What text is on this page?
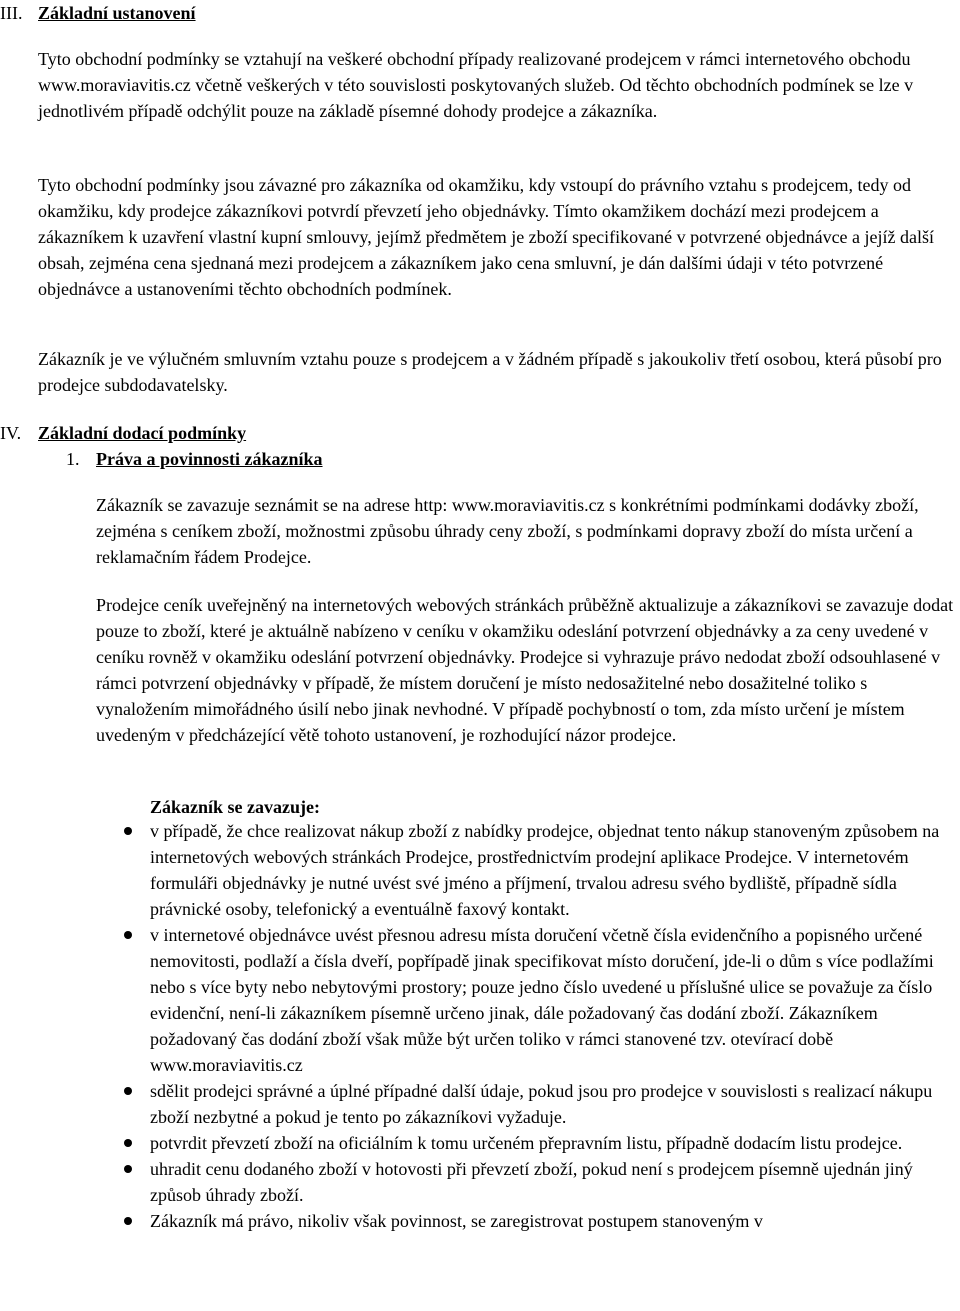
III. Základní ustanovení

Tyto obchodní podmínky se vztahují na veškeré obchodní případy realizované prodejcem v rámci internetového obchodu www.moraviavitis.cz včetně veškerých v této souvislosti poskytovaných služeb. Od těchto obchodních podmínek se lze v jednotlivém případě odchýlit pouze na základě písemné dohody prodejce a zákazníka.

Tyto obchodní podmínky jsou závazné pro zákazníka od okamžiku, kdy vstoupí do právního vztahu s prodejcem, tedy od okamžiku, kdy prodejce zákazníkovi potvrdí převzetí jeho objednávky. Tímto okamžikem dochází mezi prodejcem a zákazníkem k uzavření vlastní kupní smlouvy, jejímž předmětem je zboží specifikované v potvrzené objednávce a jejíž další obsah, zejména cena sjednaná mezi prodejcem a zákazníkem jako cena smluvní, je dán dalšími údaji v této potvrzené objednávce a ustanoveními těchto obchodních podmínek.

Zákazník je ve výlučném smluvním vztahu pouze s prodejcem a v žádném případě s jakoukoliv třetí osobou, která působí pro prodejce subdodavatelsky.

IV. Základní dodací podmínky
1. Práva a povinnosti zákazníka

Zákazník se zavazuje seznámit se na adrese http: www.moraviavitis.cz s konkrétními podmínkami dodávky zboží, zejména s ceníkem zboží, možnostmi způsobu úhrady ceny zboží, s podmínkami dopravy zboží do místa určení a reklamačním řádem Prodejce.

Prodejce ceník uveřejněný na internetových webových stránkách průběžně aktualizuje a zákazníkovi se zavazuje dodat pouze to zboží, které je aktuálně nabízeno v ceníku v okamžiku odeslání potvrzení objednávky a za ceny uvedené v ceníku rovněž v okamžiku odeslání potvrzení objednávky. Prodejce si vyhrazuje právo nedodat zboží odsouhlasené v rámci potvrzení objednávky v případě, že místem doručení je místo nedosažitelné nebo dosažitelné toliko s vynaložením mimořádného úsilí nebo jinak nevhodné. V případě pochybností o tom, zda místo určení je místem uvedeným v předcházející větě tohoto ustanovení, je rozhodující názor prodejce.

Zákazník se zavazuje:
v případě, že chce realizovat nákup zboží z nabídky prodejce, objednat tento nákup stanoveným způsobem na internetových webových stránkách Prodejce, prostřednictvím prodejní aplikace Prodejce. V internetovém formuláři objednávky je nutné uvést své jméno a příjmení, trvalou adresu svého bydliště, případně sídla právnické osoby, telefonický a eventuálně faxový kontakt.
v internetové objednávce uvést přesnou adresu místa doručení včetně čísla evidenčního a popisného určené nemovitosti, podlaží a čísla dveří, popřípadě jinak specifikovat místo doručení, jde-li o dům s více podlažími nebo s více byty nebo nebytovými prostory; pouze jedno číslo uvedené u příslušné ulice se považuje za číslo evidenční, není-li zákazníkem písemně určeno jinak, dále požadovaný čas dodání zboží. Zákazníkem požadovaný čas dodání zboží však může být určen toliko v rámci stanovené tzv. otevírací době www.moraviavitis.cz
sdělit prodejci správné a úplné případné další údaje, pokud jsou pro prodejce v souvislosti s realizací nákupu zboží nezbytné a pokud je tento po zákazníkovi vyžaduje.
potvrdit převzetí zboží na oficiálním k tomu určeném přepravním listu, případně dodacím listu prodejce.
uhradit cenu dodaného zboží v hotovosti při převzetí zboží, pokud není s prodejcem písemně ujednán jiný způsob úhrady zboží.
Zákazník má právo, nikoliv však povinnost, se zaregistrovat postupem stanoveným v
